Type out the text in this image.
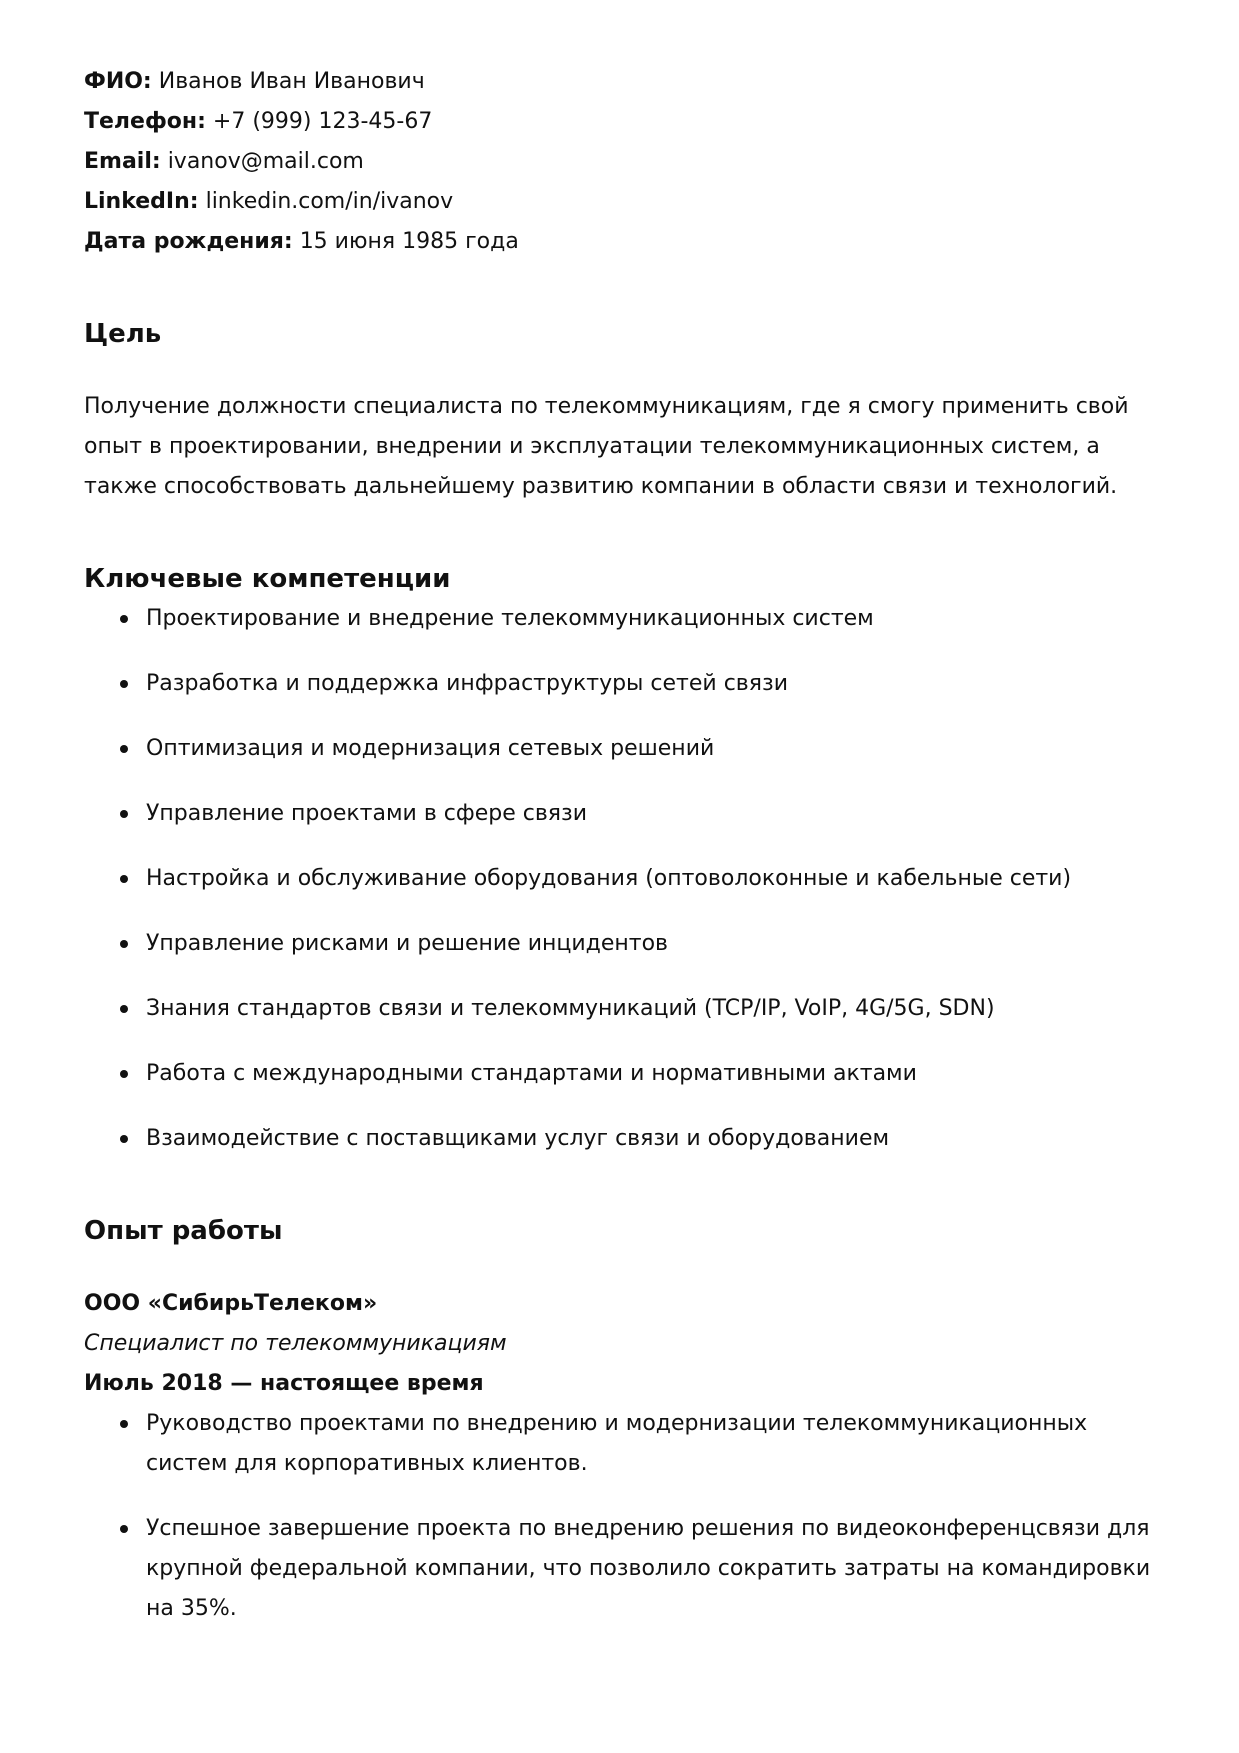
ФИО: Иванов Иван Иванович
Телефон: +7 (999) 123-45-67
Email: ivanov@mail.com
LinkedIn: linkedin.com/in/ivanov
Дата рождения: 15 июня 1985 года
Цель

Получение должности специалиста по телекоммуникациям, где я смогу применить свой опыт в проектировании, внедрении и эксплуатации телекоммуникационных систем, а также способствовать дальнейшему развитию компании в области связи и технологий.

Ключевые компетенции
Проектирование и внедрение телекоммуникационных систем
Разработка и поддержка инфраструктуры сетей связи
Оптимизация и модернизация сетевых решений
Управление проектами в сфере связи
Настройка и обслуживание оборудования (оптоволоконные и кабельные сети)
Управление рисками и решение инцидентов
Знания стандартов связи и телекоммуникаций (TCP/IP, VoIP, 4G/5G, SDN)
Работа с международными стандартами и нормативными актами
Взаимодействие с поставщиками услуг связи и оборудованием
Опыт работы
ООО «СибирьТелеком»
Специалист по телекоммуникациям
Июль 2018 — настоящее время
Руководство проектами по внедрению и модернизации телекоммуникационных систем для корпоративных клиентов.
Успешное завершение проекта по внедрению решения по видеоконференцсвязи для крупной федеральной компании, что позволило сократить затраты на командировки на 35%.
